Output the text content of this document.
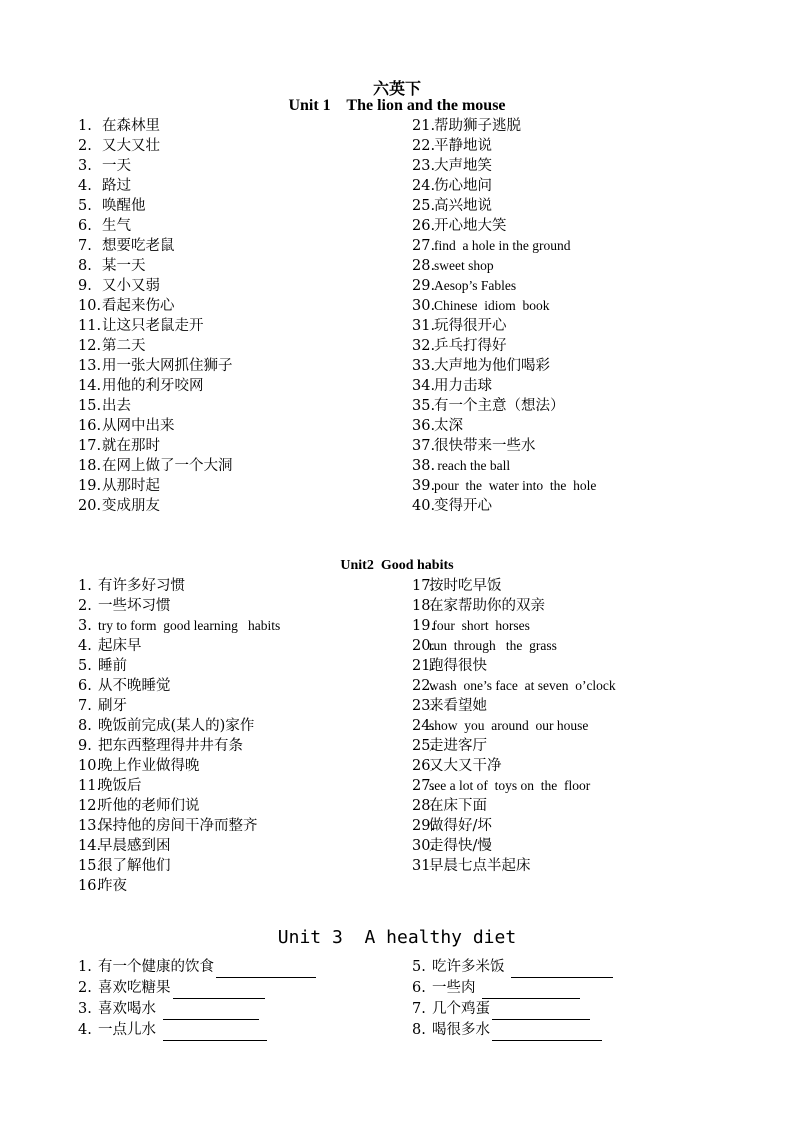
六英下
Unit 1    The lion and the mouse
1. 在森林里
2. 又大又壮
3. 一天
4. 路过
5. 唤醒他
6. 生气
7. 想要吃老鼠
8. 某一天
9. 又小又弱
10.看起来伤心
11.让这只老鼠走开
12.第二天
13.用一张大网抓住狮子
14.用他的利牙咬网
15.出去
16.从网中出来
17.就在那时
18.在网上做了一个大洞
19.从那时起
20.变成朋友
21.帮助狮子逃脱
22.平静地说
23.大声地笑
24.伤心地问
25.高兴地说
26.开心地大笑
27.find  a hole in the ground
28.sweet shop
29.Aesop’s Fables
30.Chinese  idiom  book
31.玩得很开心
32.乒乓打得好
33.大声地为他们喝彩
34.用力击球
35.有一个主意（想法）
36.太深
37.很快带来一些水
38. reach the ball
39.pour  the  water into  the  hole
40.变得开心
Unit2  Good habits
1. 有许多好习惯
2. 一些坏习惯
3. try to form  good learning   habits
4. 起床早
5. 睡前
6. 从不晚睡觉
7. 刷牙
8. 晚饭前完成(某人的)家作
9. 把东西整理得井井有条
10.晚上作业做得晚
11.晚饭后
12.听他的老师们说
13.保持他的房间干净而整齐
14.早晨感到困
15.很了解他们
16.昨夜
17.按时吃早饭
18.在家帮助你的双亲
19. four  short  horses
20.run  through   the  grass
21.跑得很快
22.wash  one’s face  at seven  o’clock
23.来看望她
24.show  you  around  our house
25.走进客厅
26.又大又干净
27.see a lot of  toys on  the  floor
28.在床下面
29.做得好/坏
30.走得快/慢
31.早晨七点半起床
Unit 3  A healthy diet
1. 有一个健康的饮食
2. 喜欢吃糖果
3. 喜欢喝水
4. 一点儿水
5. 吃许多米饭
6. 一些肉
7. 几个鸡蛋
8. 喝很多水
